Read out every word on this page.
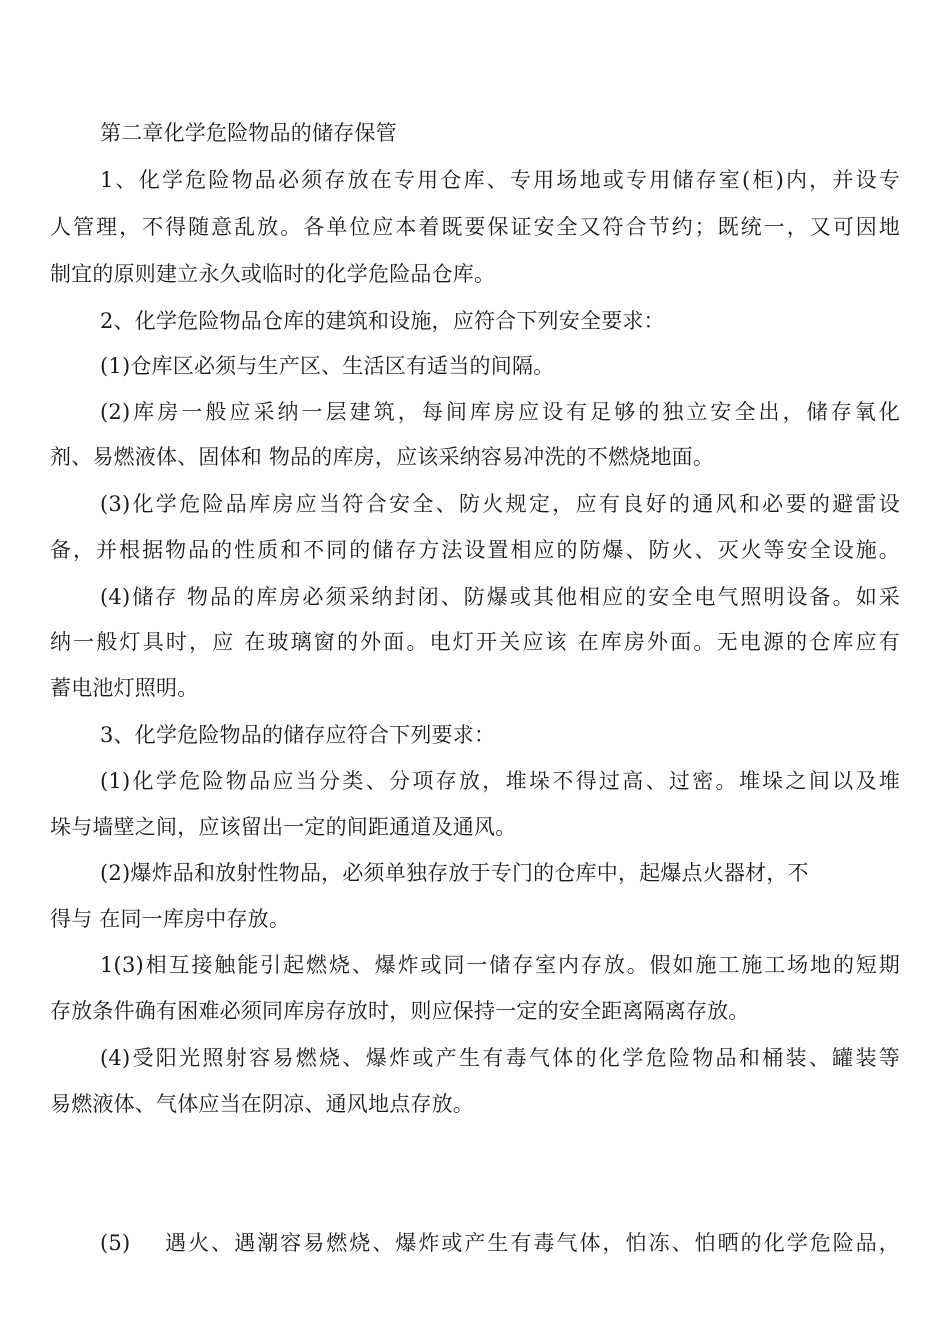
第二章化学危险物品的储存保管
1、化学危险物品必须存放在专用仓库、专用场地或专用储存室(柜)内，并设专
人管理，不得随意乱放。各单位应本着既要保证安全又符合节约；既统一，又可因地
制宜的原则建立永久或临时的化学危险品仓库。
2、化学危险物品仓库的建筑和设施，应符合下列安全要求：
(1)仓库区必须与生产区、生活区有适当的间隔。
(2)库房一般应采纳一层建筑，每间库房应设有足够的独立安全出，储存氧化
剂、易燃液体、固体和 物品的库房，应该采纳容易冲洗的不燃烧地面。
(3)化学危险品库房应当符合安全、防火规定，应有良好的通风和必要的避雷设
备，并根据物品的性质和不同的储存方法设置相应的防爆、防火、灭火等安全设施。
(4)储存 物品的库房必须采纳封闭、防爆或其他相应的安全电气照明设备。如采
纳一般灯具时，应 在玻璃窗的外面。电灯开关应该 在库房外面。无电源的仓库应有
蓄电池灯照明。
3、化学危险物品的储存应符合下列要求：
(1)化学危险物品应当分类、分项存放，堆垛不得过高、过密。堆垛之间以及堆
垛与墙壁之间，应该留出一定的间距通道及通风。
(2)爆炸品和放射性物品，必须单独存放于专门的仓库中，起爆点火器材，不
得与 在同一库房中存放。
1(3)相互接触能引起燃烧、爆炸或同一储存室内存放。假如施工施工场地的短期
存放条件确有困难必须同库房存放时，则应保持一定的安全距离隔离存放。
(4)受阳光照射容易燃烧、爆炸或产生有毒气体的化学危险物品和桶装、罐装等
易燃液体、气体应当在阴凉、通风地点存放。
(5)    遇火、遇潮容易燃烧、爆炸或产生有毒气体，怕冻、怕晒的化学危险品，
